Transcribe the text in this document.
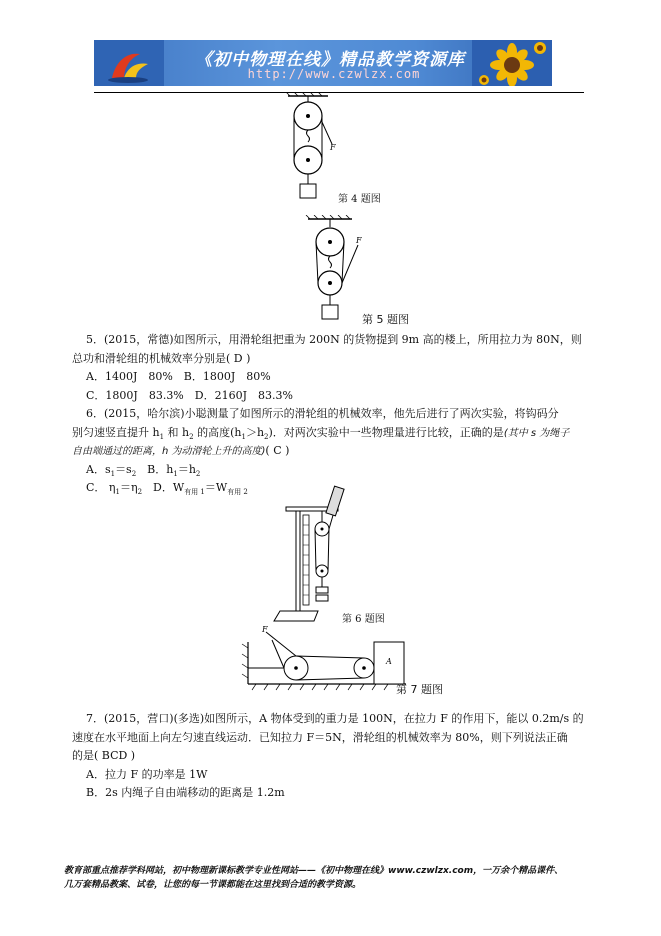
《初中物理在线》精品教学资源库
http://www.czwlzx.com
F
第 4 题图
F
第 5 题图
5．(2015，常德)如图所示，用滑轮组把重为 200N 的货物提到 9m 高的楼上，所用拉力为 80N，则
总功和滑轮组的机械效率分别是( D )
A．1400J　80%　B．1800J　80%
C．1800J　83.3%　D．2160J　83.3%
6．(2015，哈尔滨)小聪测量了如图所示的滑轮组的机械效率，他先后进行了两次实验，将钩码分
别匀速竖直提升 $h_1$ 和 $h_2$ 的高度$(h_1>h_2)$．对两次实验中一些物理量进行比较，正确的是(其中 s 为绳子
自由端通过的距离，h 为动滑轮上升的高度)( C )
A．$s_1=s_2$　B．$h_1=h_2$
C． $\eta_1=\eta_2$　D．$W_{有用 1}=W_{有用 2}$
第 6 题图
F
A
第 7 题图
7．(2015，营口)(多选)如图所示，A 物体受到的重力是 100N，在拉力 F 的作用下，能以 0.2m/s 的
速度在水平地面上向左匀速直线运动．已知拉力 F＝5N，滑轮组的机械效率为 80%，则下列说法正确
的是( BCD )
A．拉力 F 的功率是 1W
B．2s 内绳子自由端移动的距离是 1.2m
教育部重点推荐学科网站，初中物理新课标教学专业性网站——《初中物理在线》www.czwlzx.com，一万余个精品课件、
几万套精品教案、试卷，让您的每一节课都能在这里找到合适的教学资源。
